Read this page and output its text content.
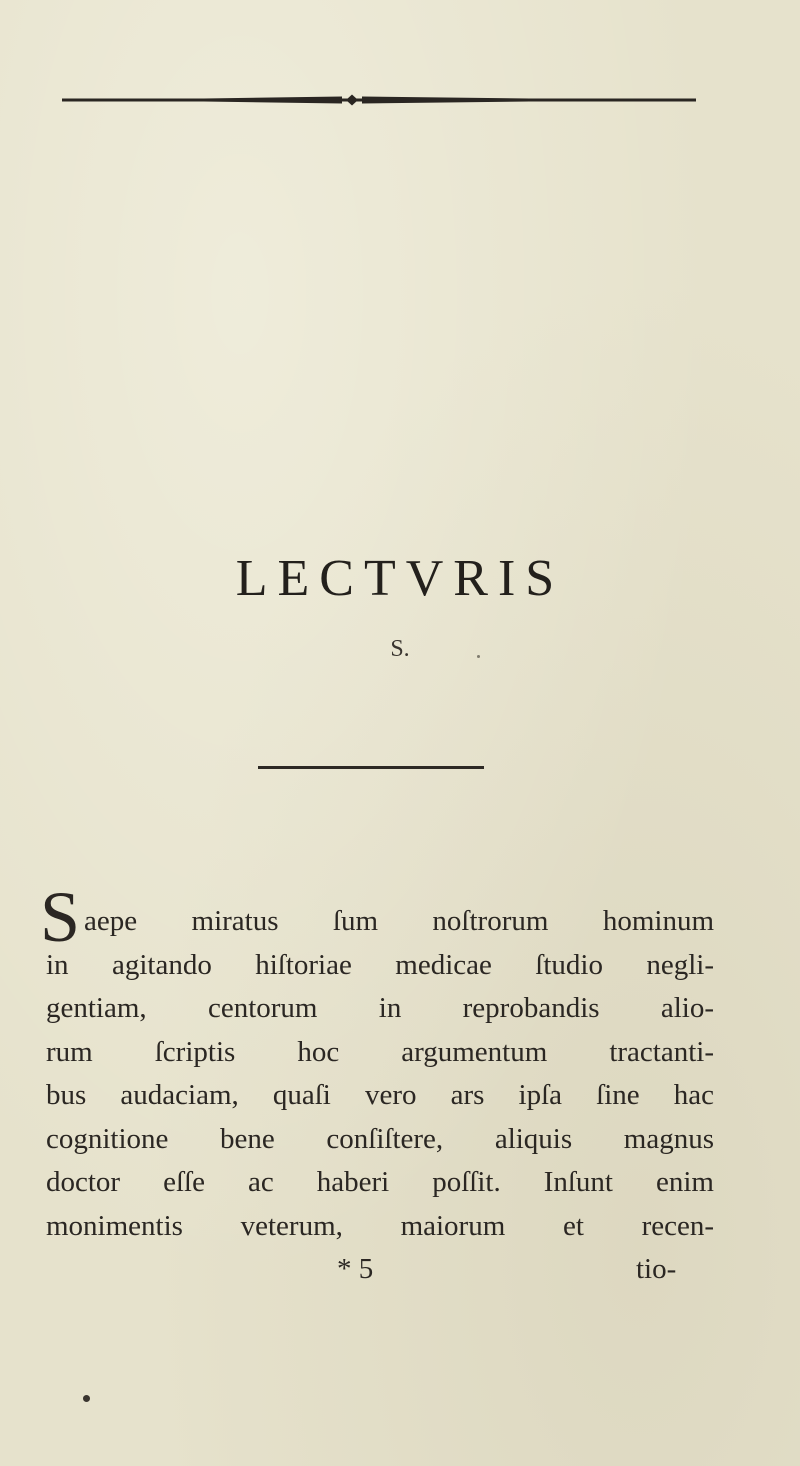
LECTVRIS
S.
S aepe miratus ſum noſtrorum hominum
in agitando hiſtoriae medicae ſtudio negli-
gentiam, centorum in reprobandis alio-
rum ſcriptis hoc argumentum tractanti-
bus audaciam, quaſi vero ars ipſa ſine hac
cognitione bene conſiſtere, aliquis magnus
doctor eſſe ac haberi poſſit. Inſunt enim
monimentis veterum, maiorum et recen-
* 5	tio-
